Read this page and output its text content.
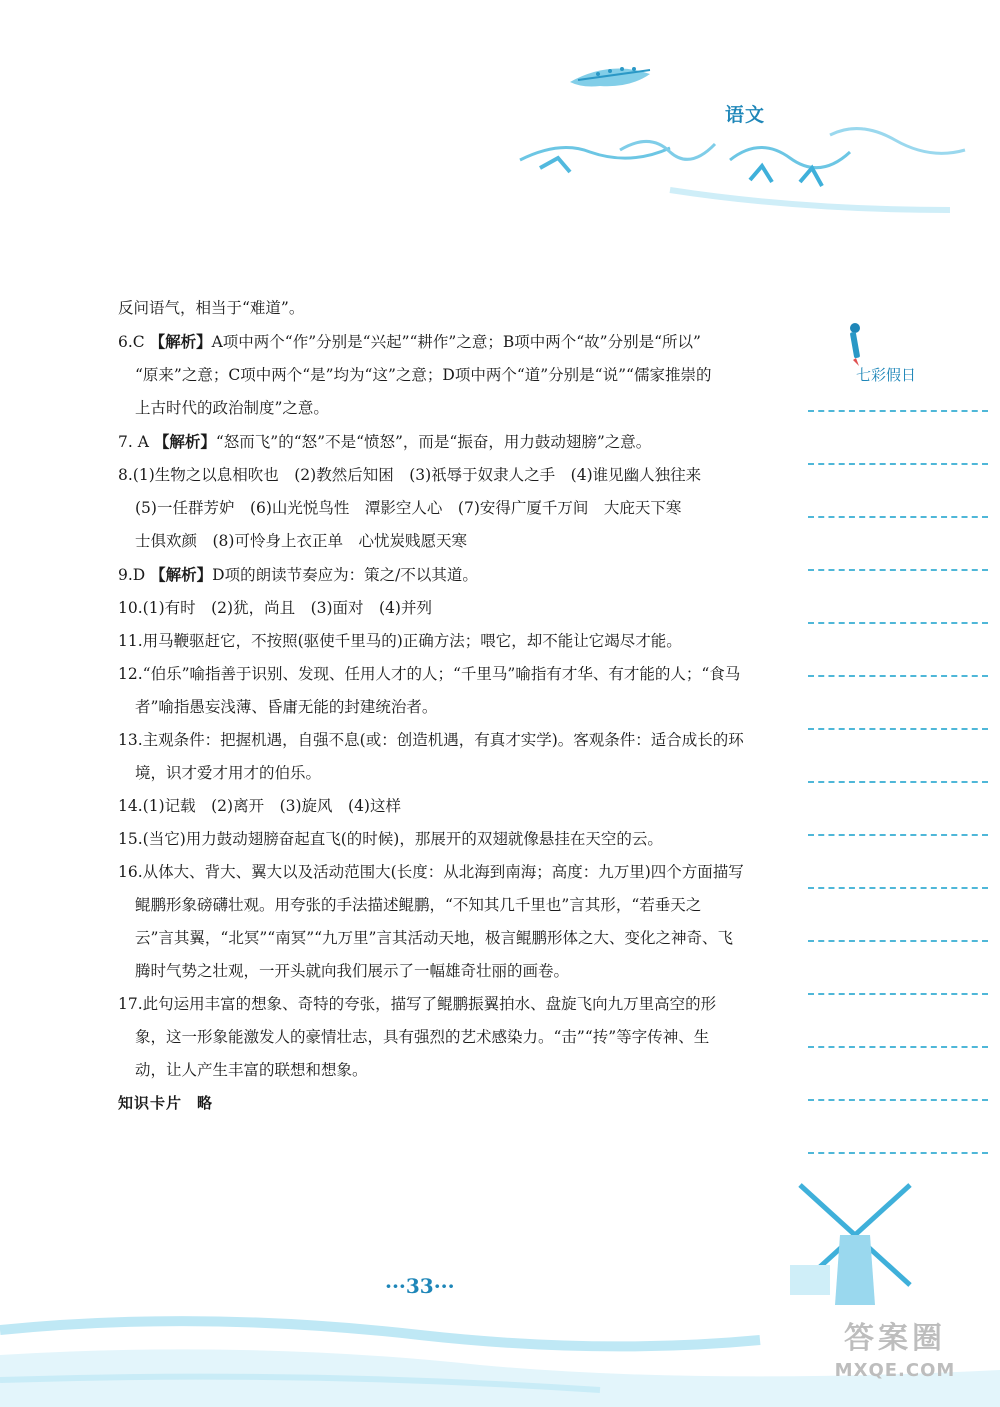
语文
七彩假日
反问语气，相当于“难道”。
6.C 【解析】A项中两个“作”分别是“兴起”“耕作”之意；B项中两个“故”分别是“所以”
“原来”之意；C项中两个“是”均为“这”之意；D项中两个“道”分别是“说”“儒家推崇的
上古时代的政治制度”之意。
7. A 【解析】“怒而飞”的“怒”不是“愤怒”，而是“振奋，用力鼓动翅膀”之意。
8.(1)生物之以息相吹也　(2)教然后知困　(3)祇辱于奴隶人之手　(4)谁见幽人独往来
(5)一任群芳妒　(6)山光悦鸟性　潭影空人心　(7)安得广厦千万间　大庇天下寒
士俱欢颜　(8)可怜身上衣正单　心忧炭贱愿天寒
9.D 【解析】D项的朗读节奏应为：策之/不以其道。
10.(1)有时　(2)犹，尚且　(3)面对　(4)并列
11.用马鞭驱赶它，不按照(驱使千里马的)正确方法；喂它，却不能让它竭尽才能。
12.“伯乐”喻指善于识别、发现、任用人才的人；“千里马”喻指有才华、有才能的人；“食马
者”喻指愚妄浅薄、昏庸无能的封建统治者。
13.主观条件：把握机遇，自强不息(或：创造机遇，有真才实学)。客观条件：适合成长的环
境，识才爱才用才的伯乐。
14.(1)记载　(2)离开　(3)旋风　(4)这样
15.(当它)用力鼓动翅膀奋起直飞(的时候)，那展开的双翅就像悬挂在天空的云。
16.从体大、背大、翼大以及活动范围大(长度：从北海到南海；高度：九万里)四个方面描写
鲲鹏形象磅礴壮观。用夸张的手法描述鲲鹏，“不知其几千里也”言其形，“若垂天之
云”言其翼，“北冥”“南冥”“九万里”言其活动天地，极言鲲鹏形体之大、变化之神奇、飞
腾时气势之壮观，一开头就向我们展示了一幅雄奇壮丽的画卷。
17.此句运用丰富的想象、奇特的夸张，描写了鲲鹏振翼拍水、盘旋飞向九万里高空的形
象，这一形象能激发人的豪情壮志，具有强烈的艺术感染力。“击”“抟”等字传神、生
动，让人产生丰富的联想和想象。
知识卡片　 略
···33···
答案圈
MXQE.COM
